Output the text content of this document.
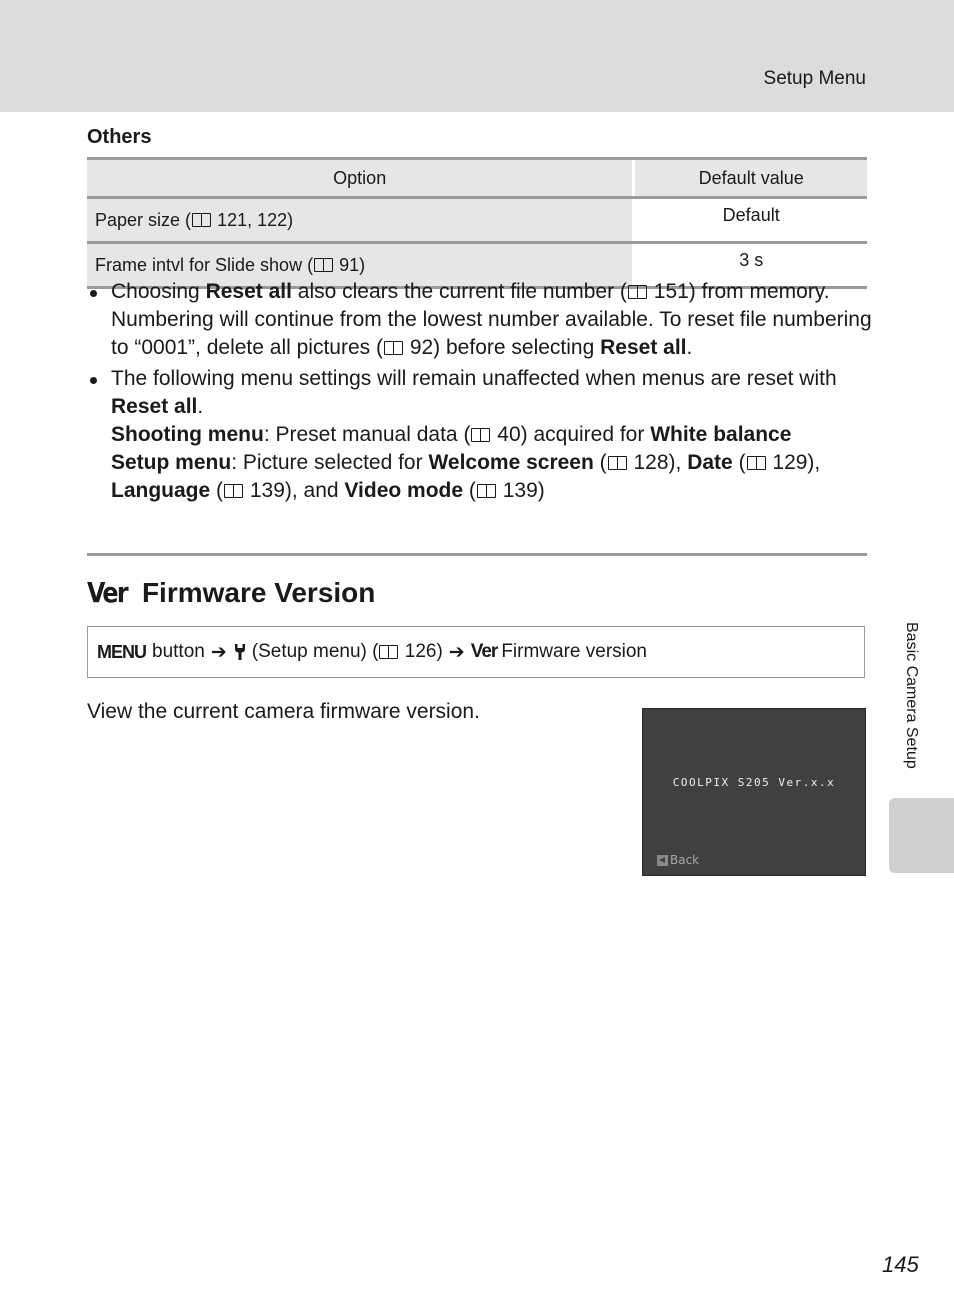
Setup Menu
Others
Option	Default value
Paper size ( 121, 122)	Default
Frame intvl for Slide show ( 91)	3 s
Choosing Reset all also clears the current file number ( 151) from memory. Numbering will continue from the lowest number available. To reset file numbering to “0001”, delete all pictures ( 92) before selecting Reset all.
The following menu settings will remain unaffected when menus are reset with Reset all.
Shooting menu: Preset manual data ( 40) acquired for White balance
Setup menu: Picture selected for Welcome screen ( 128), Date ( 129),
Language ( 139), and Video mode ( 139)
Ver Firmware Version
MENU button ➔ (Setup menu) (
126) ➔ Ver Firmware version
View the current camera firmware version.
COOLPIX S205 Ver.x.x
Back
Basic Camera Setup
145
